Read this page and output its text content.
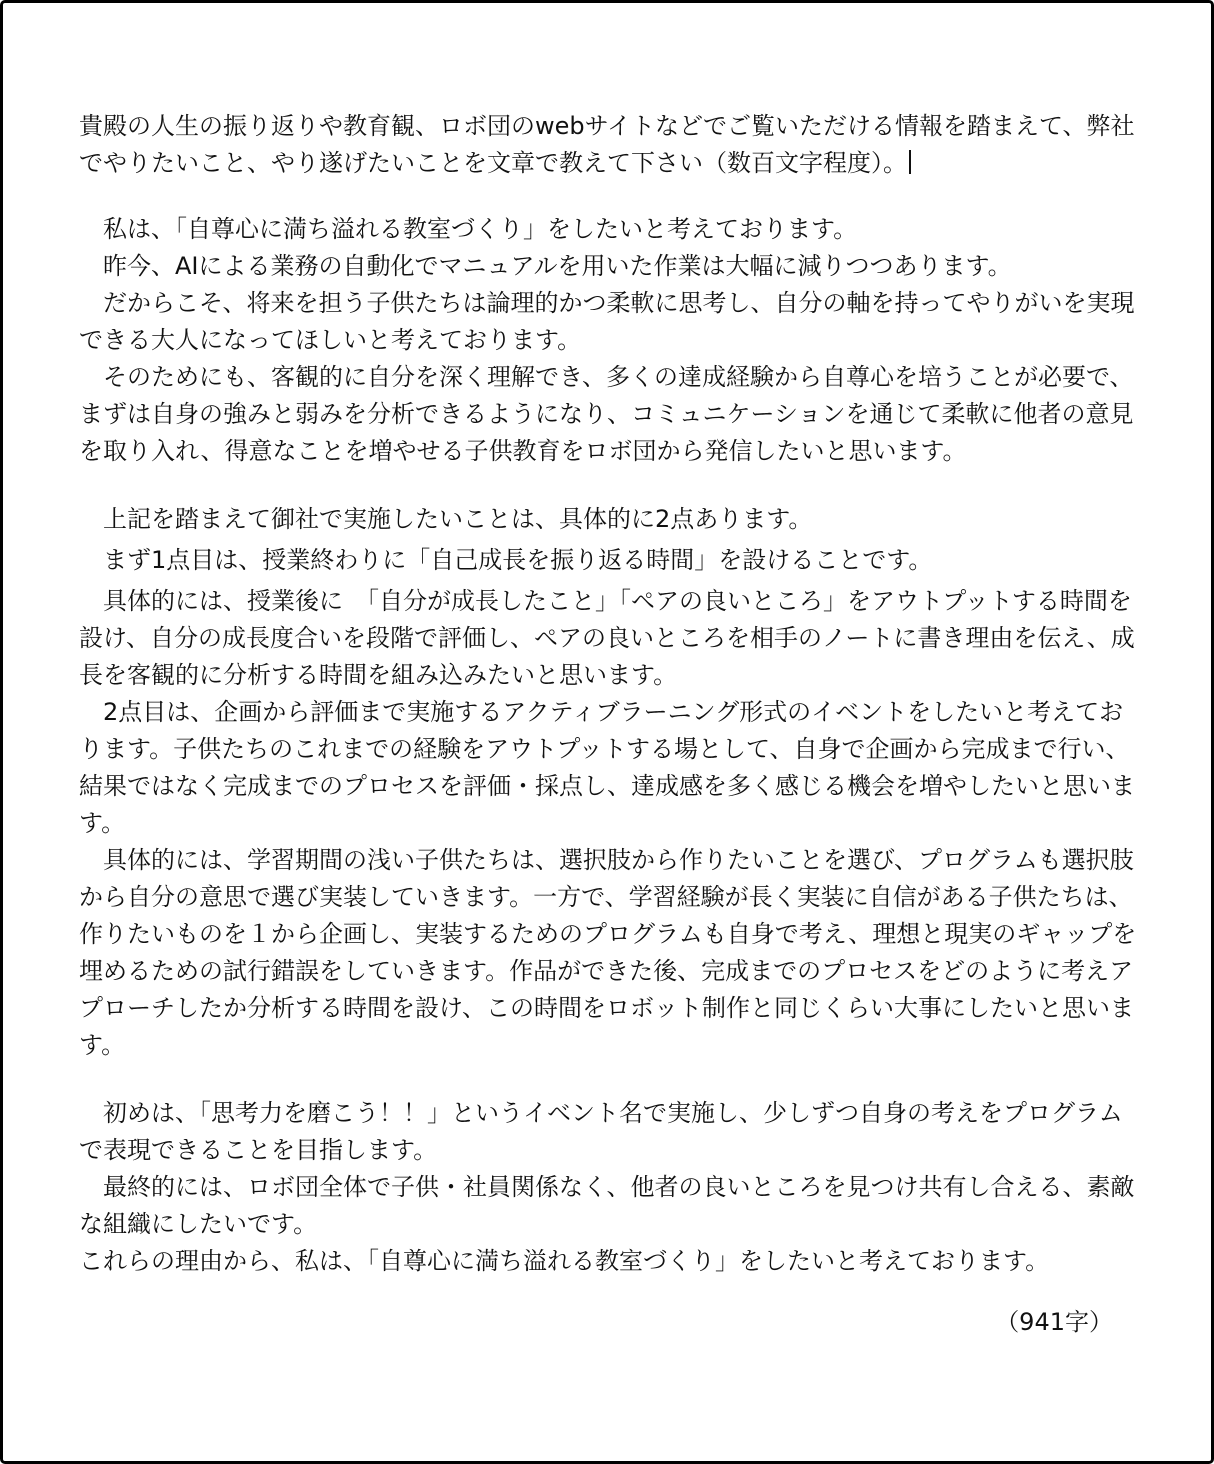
貴殿の人生の振り返りや教育観、ロボ団のwebサイトなどでご覧いただける情報を踏まえて、弊社でやりたいこと、やり遂げたいことを文章で教えて下さい（数百文字程度）。

　私は、「自尊心に満ち溢れる教室づくり」をしたいと考えております。

　昨今、AIによる業務の自動化でマニュアルを用いた作業は大幅に減りつつあります。

　だからこそ、将来を担う子供たちは論理的かつ柔軟に思考し、自分の軸を持ってやりがいを実現できる大人になってほしいと考えております。

　そのためにも、客観的に自分を深く理解でき、多くの達成経験から自尊心を培うことが必要で、まずは自身の強みと弱みを分析できるようになり、コミュニケーションを通じて柔軟に他者の意見を取り入れ、得意なことを増やせる子供教育をロボ団から発信したいと思います。

　上記を踏まえて御社で実施したいことは、具体的に2点あります。

　まず1点目は、授業終わりに「自己成長を振り返る時間」を設けることです。

　具体的には、授業後に　「自分が成長したこと」「ペアの良いところ」をアウトプットする時間を設け、自分の成長度合いを段階で評価し、ペアの良いところを相手のノートに書き理由を伝え、成長を客観的に分析する時間を組み込みたいと思います。

　2点目は、企画から評価まで実施するアクティブラーニング形式のイベントをしたいと考えております。子供たちのこれまでの経験をアウトプットする場として、自身で企画から完成まで行い、結果ではなく完成までのプロセスを評価・採点し、達成感を多く感じる機会を増やしたいと思います。

　具体的には、学習期間の浅い子供たちは、選択肢から作りたいことを選び、プログラムも選択肢から自分の意思で選び実装していきます。一方で、学習経験が長く実装に自信がある子供たちは、作りたいものを１から企画し、実装するためのプログラムも自身で考え、理想と現実のギャップを埋めるための試行錯誤をしていきます。作品ができた後、完成までのプロセスをどのように考えアプローチしたか分析する時間を設け、この時間をロボット制作と同じくらい大事にしたいと思います。

　初めは、「思考力を磨こう！！」というイベント名で実施し、少しずつ自身の考えをプログラムで表現できることを目指します。

　最終的には、ロボ団全体で子供・社員関係なく、他者の良いところを見つけ共有し合える、素敵な組織にしたいです。

これらの理由から、私は、「自尊心に満ち溢れる教室づくり」をしたいと考えております。

（941字）
